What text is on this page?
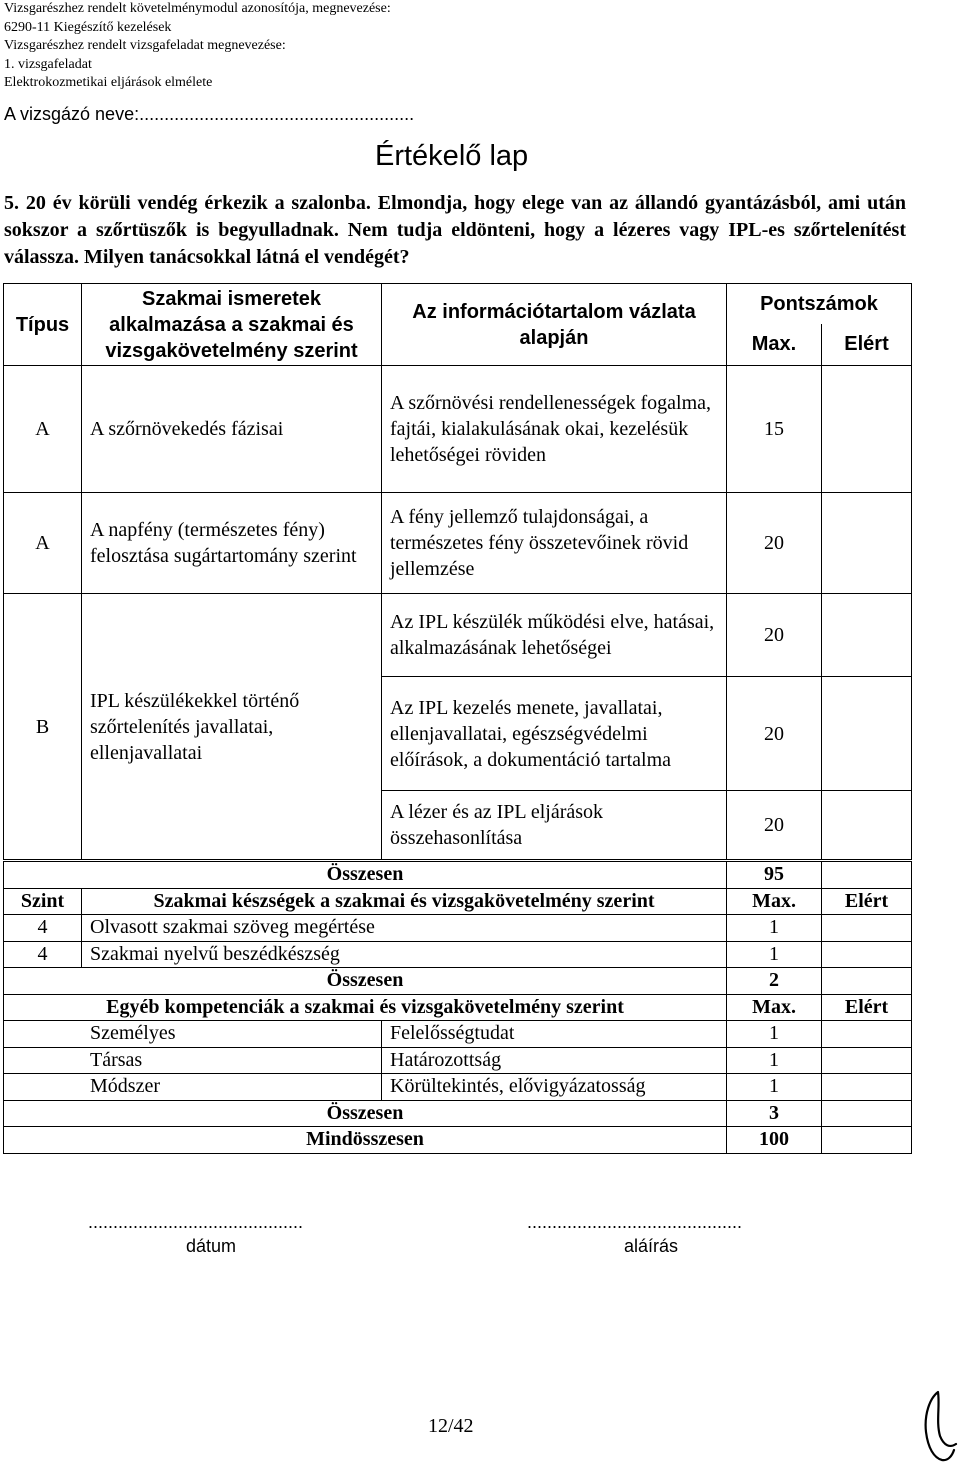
Vizsgarészhez rendelt követelménymodul azonosítója, megnevezése:
6290-11 Kiegészítő kezelések
Vizsgarészhez rendelt vizsgafeladat megnevezése:
1. vizsgafeladat
Elektrokozmetikai eljárások elmélete
A vizsgázó neve:.......................................................
Értékelő lap
5. 20 év körüli vendég érkezik a szalonba. Elmondja, hogy elege van az állandó gyantázásból, ami után sokszor a szőrtüszők is begyulladnak. Nem tudja eldönteni, hogy a lézeres vagy IPL-es szőrtelenítést válassza. Milyen tanácsokkal látná el vendégét?
Típus	Szakmai ismeretek alkalmazása a szakmai és vizsgakövetelmény szerint	Az információtartalom vázlata alapján	Pontszámok	
			Max.	Elért
A	A szőrnövekedés fázisai	A szőrnövési rendellenességek fogalma, fajtái, kialakulásának okai, kezelésük lehetőségei röviden	15	
A	A napfény (természetes fény) felosztása sugártartomány szerint	A fény jellemző tulajdonságai, a természetes fény összetevőinek rövid jellemzése	20	
B	IPL készülékekkel történő szőrtelenítés javallatai, ellenjavallatai	Az IPL készülék működési elve, hatásai, alkalmazásának lehetőségei	20	
		Az IPL kezelés menete, javallatai, ellenjavallatai, egészségvédelmi előírások, a dokumentáció tartalma	20	
		A lézer és az IPL eljárások összehasonlítása	20	
Összesen			95	
Szint	Szakmai készségek a szakmai és vizsgakövetelmény szerint		Max.	Elért
4	Olvasott szakmai szöveg megértése		1	
4	Szakmai nyelvű beszédkészség		1	
Összesen			2	
Egyéb kompetenciák a szakmai és vizsgakövetelmény szerint			Max.	Elért
Személyes		Felelősségtudat	1	
Társas		Határozottság	1	
Módszer		Körültekintés, elővigyázatosság	1	
Összesen			3	
Mindösszesen			100	
...........................................
dátum
...........................................
aláírás
12/42
